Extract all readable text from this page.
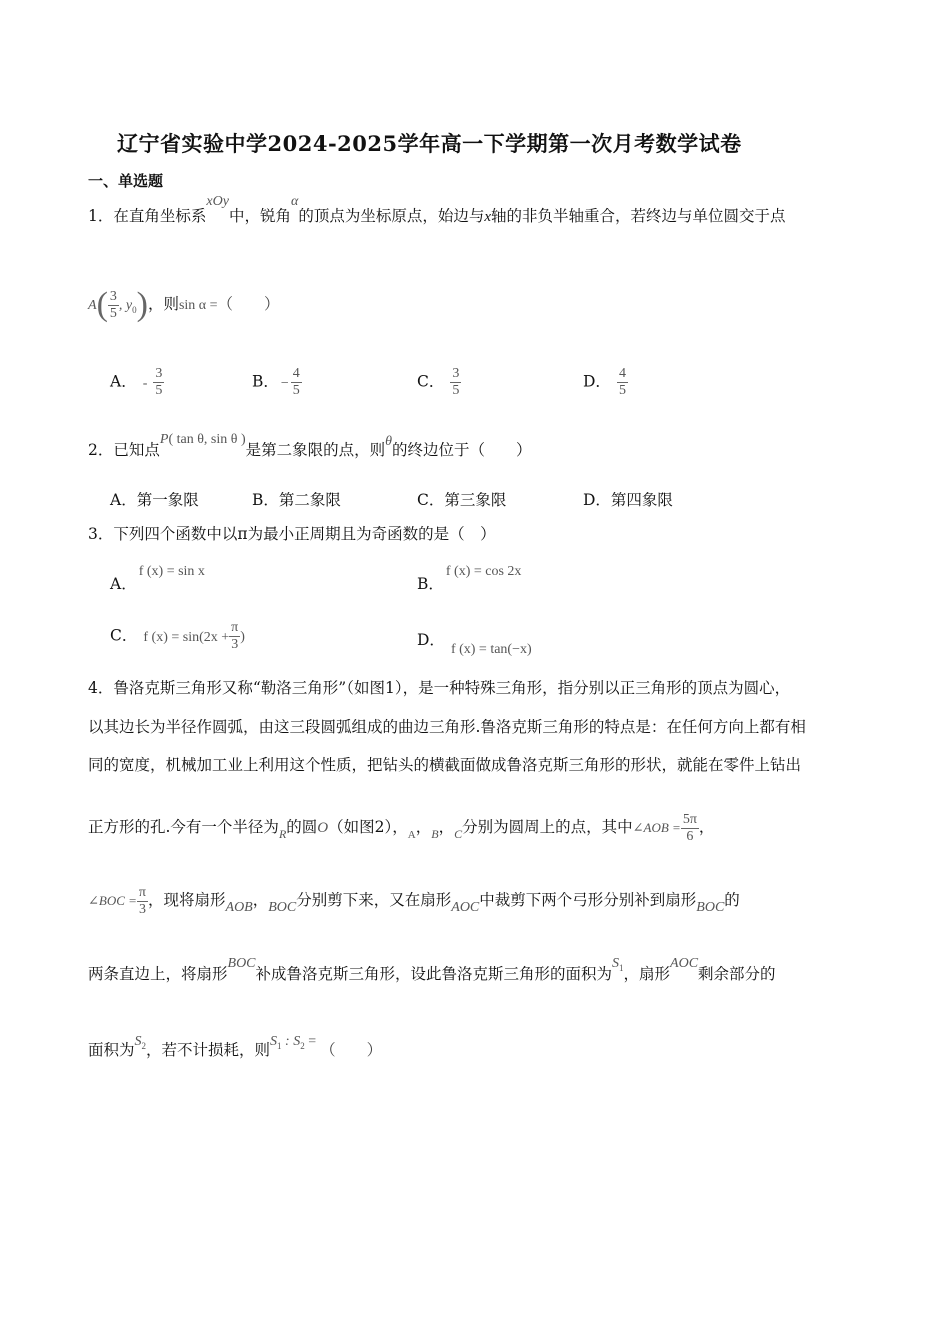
辽宁省实验中学2024-2025学年高一下学期第一次月考数学试卷
一、单选题
1．在直角坐标系xOy中，锐角α的顶点为坐标原点，始边与x轴的非负半轴重合，若终边与单位圆交于点
$A( \frac{3}{5}$ , $y_0$)，则sin α =（　　）
A． - $\frac{3}{5}$	B． − $\frac{4}{5}$	C． $\frac{3}{5}$	D． $\frac{4}{5}$
2．已知点P( tan θ, sin θ )是第二象限的点，则θ的终边位于（　　）
A．第一象限	B．第二象限	C．第三象限	D．第四象限
3．下列四个函数中以π为最小正周期且为奇函数的是（　）
A．f (x) = sin x
B．f (x) = cos 2x
C． f $(x) = \sin(2x + \frac{\pi}{3}$ )	D．f (x) = tan(−x)
4．鲁洛克斯三角形又称“勒洛三角形”（如图1），是一种特殊三角形，指分别以正三角形的顶点为圆心，
以其边长为半径作圆弧，由这三段圆弧组成的曲边三角形.鲁洛克斯三角形的特点是：在任何方向上都有相
同的宽度，机械加工业上利用这个性质，把钻头的横截面做成鲁洛克斯三角形的形状，就能在零件上钻出
正方形的孔.今有一个半径为$_R$的圆O（如图2），$_A$，$_B$，$_C$分别为圆周上的点，其中∠AOB = $\frac{5\pi}{6}$ ，
∠BOC = $\frac{\pi}{3}$ ，现将扇形AOB，BOC分别剪下来，又在扇形AOC中裁剪下两个弓形分别补到扇形BOC的
两条直边上，将扇形BOC补成鲁洛克斯三角形，设此鲁洛克斯三角形的面积为$S_1$，扇形AOC剩余部分的
面积为$S_2$，若不计损耗，则$S_1$ : $S_2$ = （　　）
